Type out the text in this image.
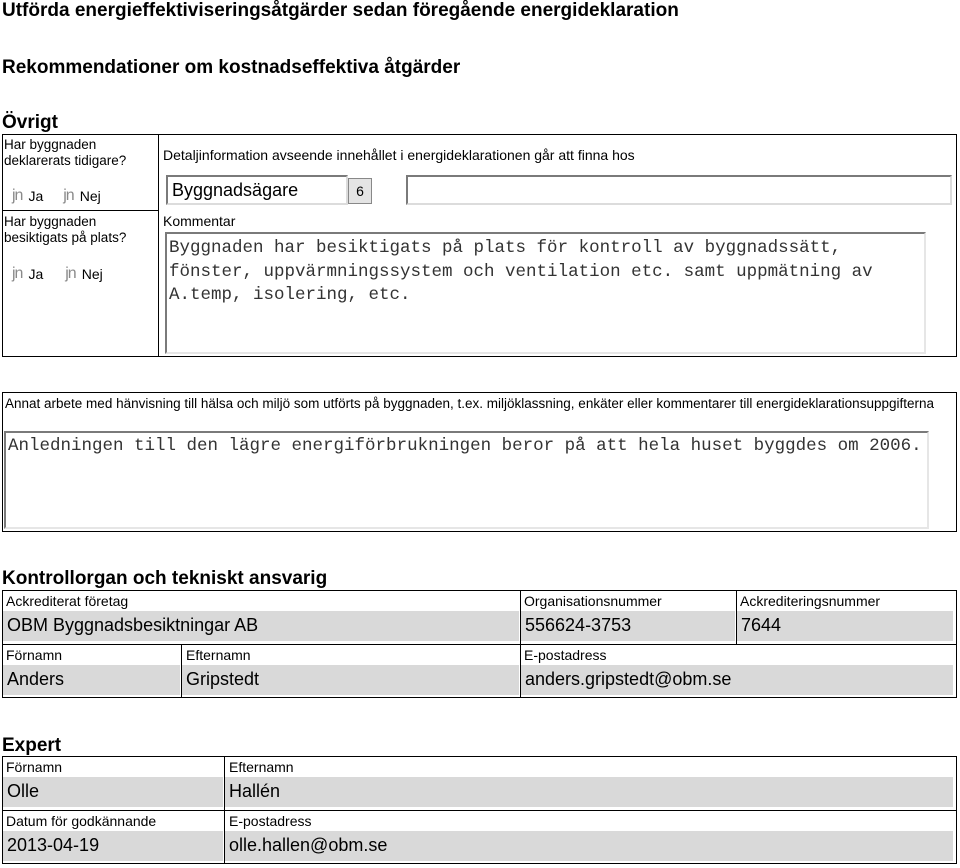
Utförda energieffektiviseringsåtgärder sedan föregående energideklaration
Rekommendationer om kostnadseffektiva åtgärder
Övrigt
Har byggnaden deklarerats tidigare?
jn Ja jn Nej
Har byggnaden besiktigats på plats?
jn Ja jn Nej
Detaljinformation avseende innehållet i energideklarationen går att finna hos
Byggnadsägare	6
Kommentar
Byggnaden har besiktigats på plats för kontroll av byggnadssätt, fönster, uppvärmningssystem och ventilation etc. samt uppmätning av A.temp, isolering, etc.
Annat arbete med hänvisning till hälsa och miljö som utförts på byggnaden, t.ex. miljöklassning, enkäter eller kommentarer till energideklarationsuppgifterna
Anledningen till den lägre energiförbrukningen beror på att hela huset byggdes om 2006.
Kontrollorgan och tekniskt ansvarig
Ackrediterat företag
OBM Byggnadsbesiktningar AB
Organisationsnummer
556624-3753
Ackrediteringsnummer
7644
Förnamn
Anders
Efternamn
Gripstedt
E-postadress
anders.gripstedt@obm.se
Expert
Förnamn
Olle
Efternamn
Hallén
Datum för godkännande
2013-04-19
E-postadress
olle.hallen@obm.se
